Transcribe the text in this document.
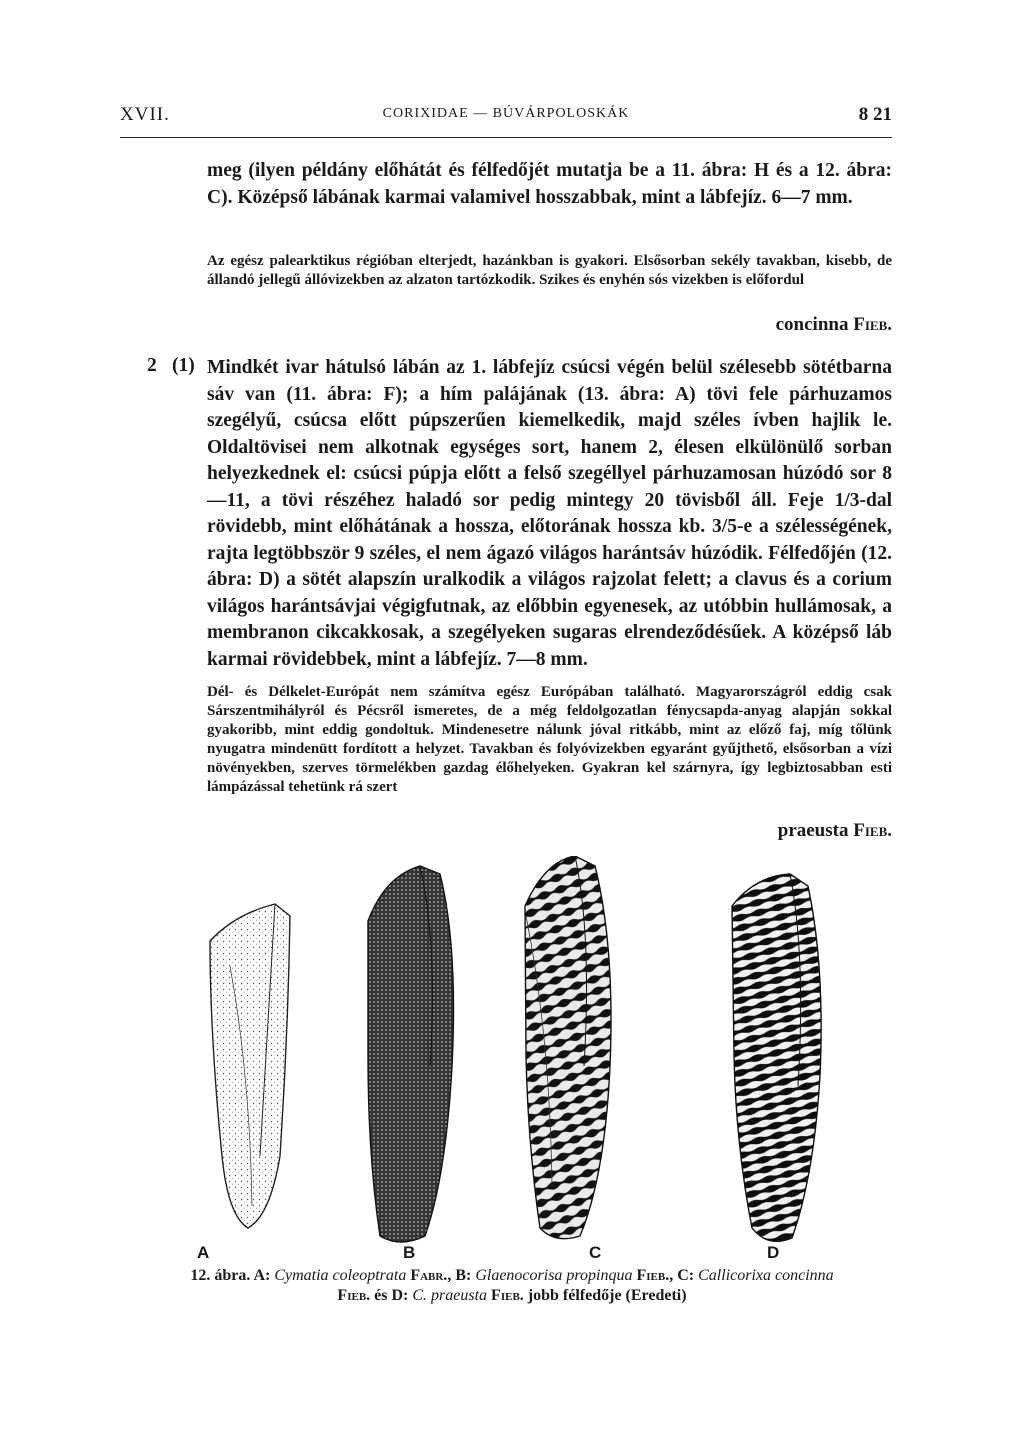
XVII.	CORIXIDAE — BÚVÁRPOLOSKÁK	8 21

meg (ilyen példány előhátát és félfedőjét mutatja be a 11. ábra: H és a 12. ábra: C). Középső lábának karmai valamivel hosszabbak, mint a lábfejíz. 6—7 mm.

Az egész palearktikus régióban elterjedt, hazánkban is gyakori. Elsősorban sekély tavakban, kisebb, de állandó jellegű állóvizekben az alzaton tartózkodik. Szikes és enyhén sós vizekben is előfordul

concinna Fieb.
2 (1) Mindkét ivar hátulsó lábán az 1. lábfejíz csúcsi végén belül szélesebb sötétbarna sáv van (11. ábra: F); a hím palájának (13. ábra: A) tövi fele párhuzamos szegélyű, csúcsa előtt púpszerűen kiemelkedik, majd széles ívben hajlik le. Oldaltövisei nem alkotnak egységes sort, hanem 2, élesen elkülönülő sorban helyezkednek el: csúcsi púpja előtt a felső szegéllyel párhuzamosan húzódó sor 8—11, a tövi részéhez haladó sor pedig mintegy 20 tövisből áll. Feje 1/3-dal rövidebb, mint előhátának a hossza, előtorának hossza kb. 3/5-e a szélességének, rajta legtöbbször 9 széles, el nem ágazó világos harántsáv húzódik. Félfedőjén (12. ábra: D) a sötét alapszín uralkodik a világos rajzolat felett; a clavus és a corium világos harántsávjai végigfutnak, az előbbin egyenesek, az utóbbin hullámosak, a membranon cikcakkosak, a szegélyeken sugaras elrendeződésűek. A középső láb karmai rövidebbek, mint a lábfejíz. 7—8 mm.

Dél- és Délkelet-Európát nem számítva egész Európában található. Magyarországról eddig csak Sárszentmihályról és Pécsről ismeretes, de a még feldolgozatlan fénycsapda-anyag alapján sokkal gyakoribb, mint eddig gondoltuk. Mindenesetre nálunk jóval ritkább, mint az előző faj, míg tőlünk nyugatra mindenütt fordított a helyzet. Tavakban és folyóvizekben egyaránt gyűjthető, elsősorban a vízi növényekben, szerves törmelékben gazdag élőhelyeken. Gyakran kel szárnyra, így legbiztosabban esti lámpázással tehetünk rá szert

praeusta Fieb.
A	B	C	D

12. ábra. A: Cymatia coleoptrata Fabr., B: Glaenocorisa propinqua Fieb., C: Callicorixa concinna
Fieb. és D: C. praeusta Fieb. jobb félfedője (Eredeti)
